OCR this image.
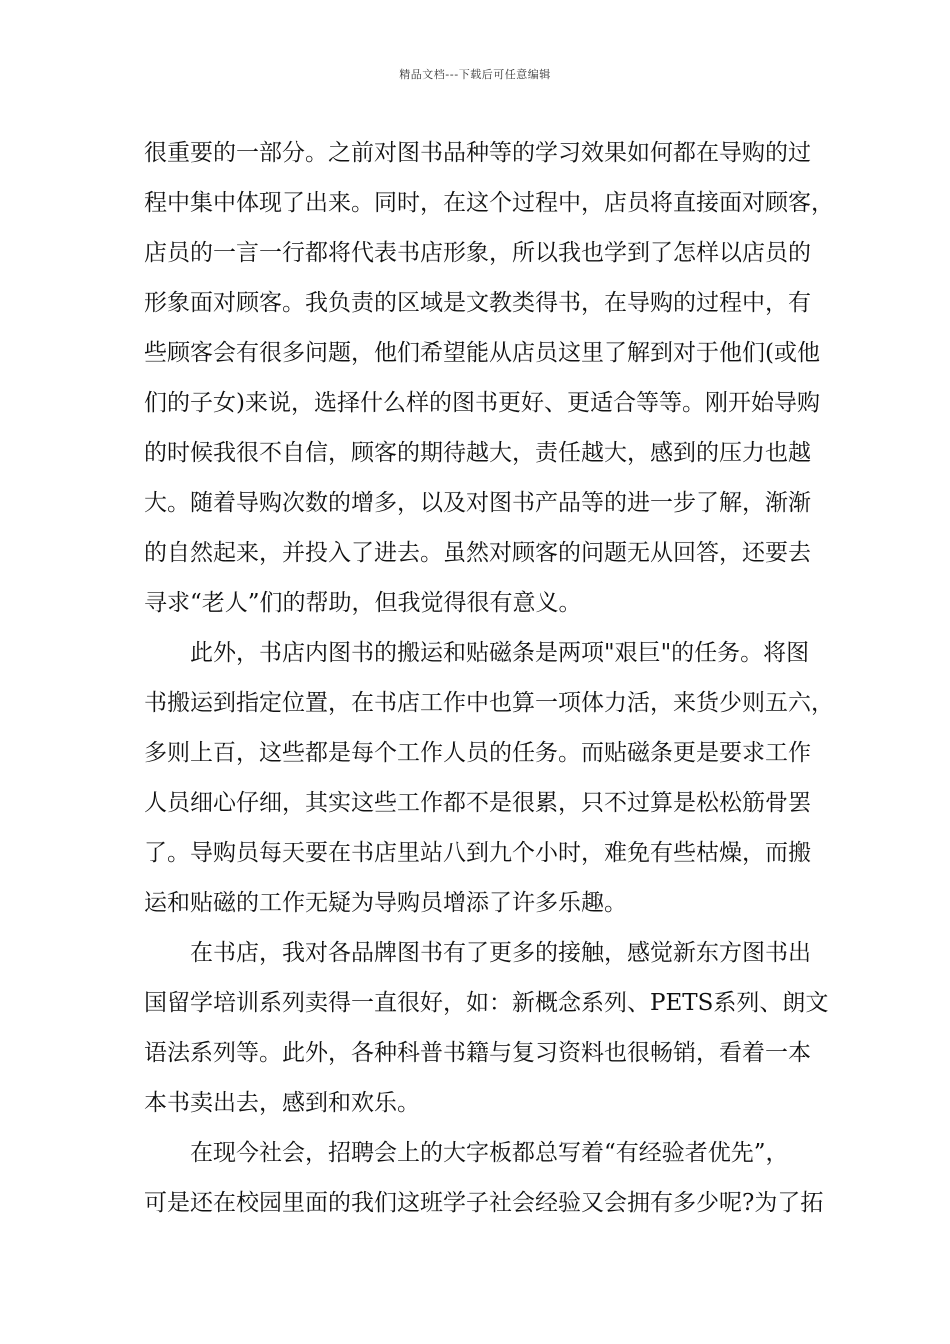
精品文档---下载后可任意编辑
很重要的一部分。之前对图书品种等的学习效果如何都在导购的过
程中集中体现了出来。同时，在这个过程中，店员将直接面对顾客，
店员的一言一行都将代表书店形象，所以我也学到了怎样以店员的
形象面对顾客。我负责的区域是文教类得书，在导购的过程中，有
些顾客会有很多问题，他们希望能从店员这里了解到对于他们(或他
们的子女)来说，选择什么样的图书更好、更适合等等。刚开始导购
的时候我很不自信，顾客的期待越大，责任越大，感到的压力也越
大。随着导购次数的增多，以及对图书产品等的进一步了解，渐渐
的自然起来，并投入了进去。虽然对顾客的问题无从回答，还要去
寻求“老人”们的帮助，但我觉得很有意义。
此外，书店内图书的搬运和贴磁条是两项"艰巨"的任务。将图
书搬运到指定位置，在书店工作中也算一项体力活，来货少则五六，
多则上百，这些都是每个工作人员的任务。而贴磁条更是要求工作
人员细心仔细，其实这些工作都不是很累，只不过算是松松筋骨罢
了。导购员每天要在书店里站八到九个小时，难免有些枯燥，而搬
运和贴磁的工作无疑为导购员增添了许多乐趣。
在书店，我对各品牌图书有了更多的接触，感觉新东方图书出
国留学培训系列卖得一直很好，如：新概念系列、PETS系列、朗文
语法系列等。此外，各种科普书籍与复习资料也很畅销，看着一本
本书卖出去，感到和欢乐。
在现今社会，招聘会上的大字板都总写着“有经验者优先”，
可是还在校园里面的我们这班学子社会经验又会拥有多少呢?为了拓
